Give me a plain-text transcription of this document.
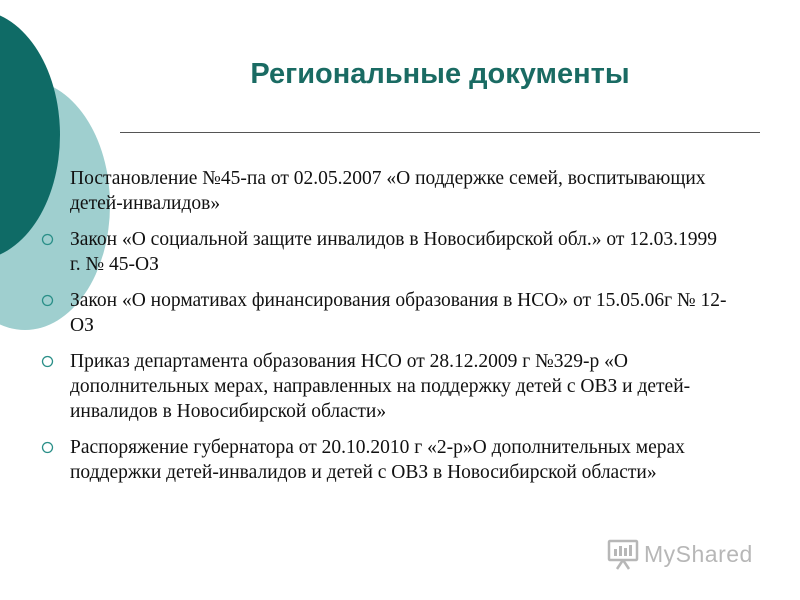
Региональные документы
Постановление №45-па от 02.05.2007 «О поддержке семей, воспитывающих детей-инвалидов»
Закон «О социальной защите инвалидов в Новосибирской обл.» от 12.03.1999 г. № 45-ОЗ
Закон «О нормативах финансирования образования в НСО» от 15.05.06г № 12-ОЗ
Приказ департамента образования НСО от 28.12.2009 г №329-р «О дополнительных мерах, направленных на поддержку детей с ОВЗ и детей-инвалидов в Новосибирской области»
Распоряжение губернатора от 20.10.2010 г «2-р»О дополнительных мерах поддержки детей-инвалидов и детей с ОВЗ в Новосибирской области»
MyShared
